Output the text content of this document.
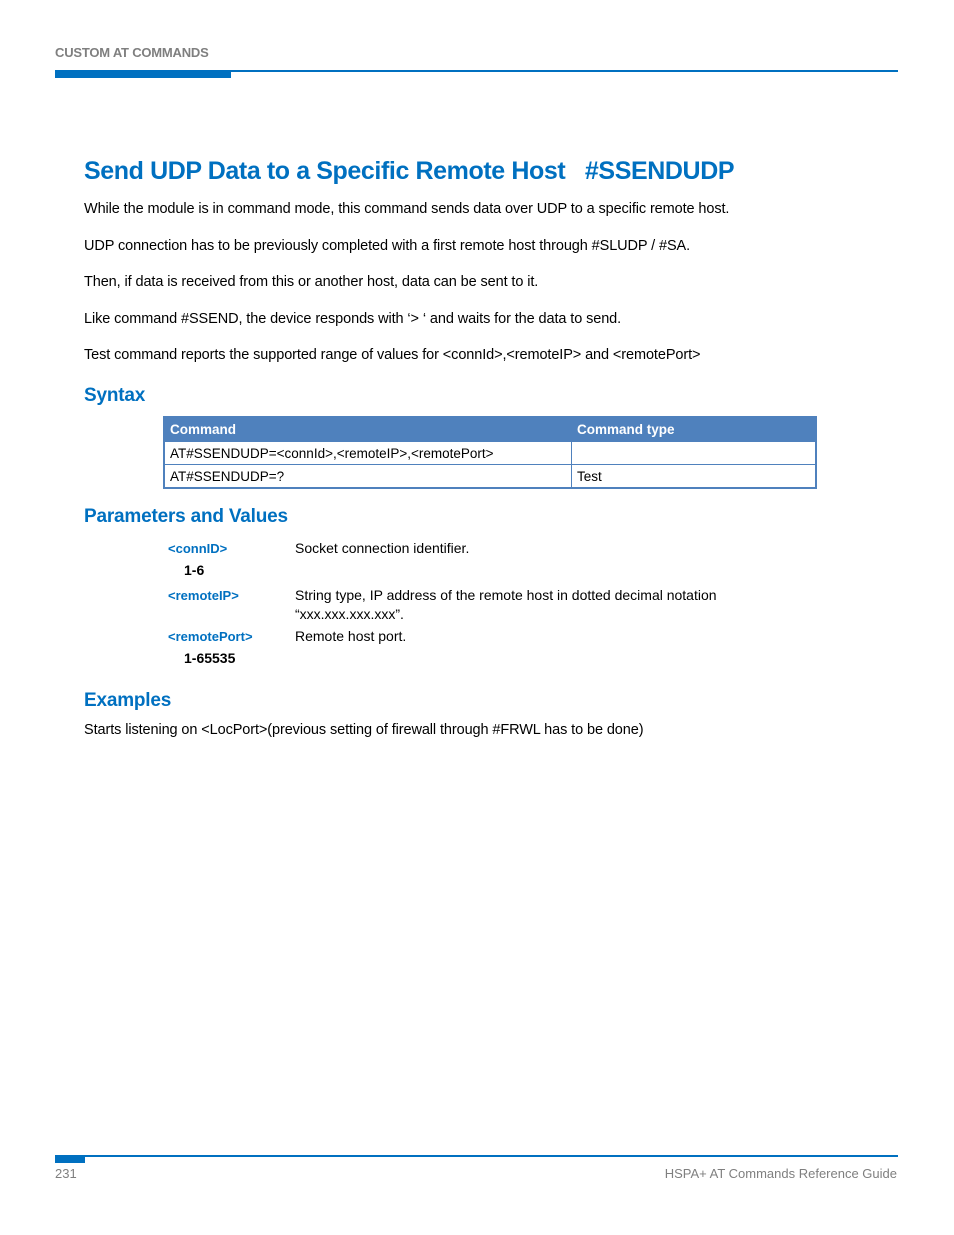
CUSTOM AT COMMANDS
Send UDP Data to a Specific Remote Host   #SSENDUDP
While the module is in command mode, this command sends data over UDP to a specific remote host.
UDP connection has to be previously completed with a first remote host through #SLUDP / #SA.
Then, if data is received from this or another host, data can be sent to it.
Like command #SSEND, the device responds with ‘> ‘ and waits for the data to send.
Test command reports the supported range of values for <connId>,<remoteIP> and <remotePort>
Syntax
Command	Command type
AT#SSENDUDP=<connId>,<remoteIP>,<remotePort>	
AT#SSENDUDP=?	Test
Parameters and Values
<connID>	Socket connection identifier.
1-6
<remoteIP>	String type, IP address of the remote host in dotted decimal notation
“xxx.xxx.xxx.xxx”.
<remotePort>	Remote host port.
1-65535
Examples
Starts listening on <LocPort>(previous setting of firewall through #FRWL has to be done)
231	HSPA+ AT Commands Reference Guide
